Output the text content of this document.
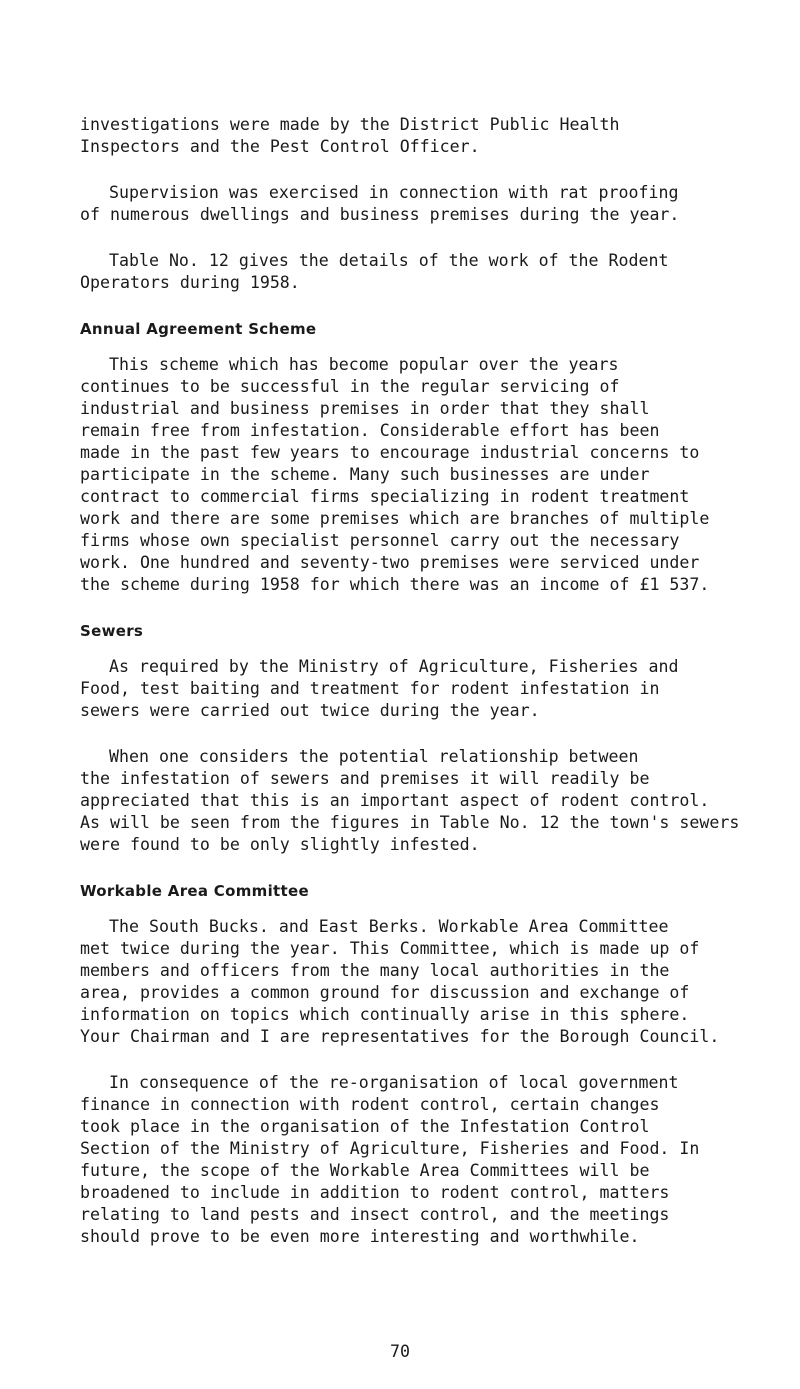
investigations were made by the District Public Health
Inspectors and the Pest Control Officer.

Supervision was exercised in connection with rat proofing
of numerous dwellings and business premises during the year.

Table No. 12 gives the details of the work of the Rodent
Operators during 1958.

Annual Agreement Scheme

This scheme which has become popular over the years
continues to be successful in the regular servicing of
industrial and business premises in order that they shall
remain free from infestation. Considerable effort has been
made in the past few years to encourage industrial concerns to
participate in the scheme. Many such businesses are under
contract to commercial firms specializing in rodent treatment
work and there are some premises which are branches of multiple
firms whose own specialist personnel carry out the necessary
work. One hundred and seventy-two premises were serviced under
the scheme during 1958 for which there was an income of £1 537.

Sewers

As required by the Ministry of Agriculture, Fisheries and
Food, test baiting and treatment for rodent infestation in
sewers were carried out twice during the year.

When one considers the potential relationship between
the infestation of sewers and premises it will readily be
appreciated that this is an important aspect of rodent control.
As will be seen from the figures in Table No. 12 the town's sewers
were found to be only slightly infested.

Workable Area Committee

The South Bucks. and East Berks. Workable Area Committee
met twice during the year. This Committee, which is made up of
members and officers from the many local authorities in the
area, provides a common ground for discussion and exchange of
information on topics which continually arise in this sphere.
Your Chairman and I are representatives for the Borough Council.

In consequence of the re-organisation of local government
finance in connection with rodent control, certain changes
took place in the organisation of the Infestation Control
Section of the Ministry of Agriculture, Fisheries and Food. In
future, the scope of the Workable Area Committees will be
broadened to include in addition to rodent control, matters
relating to land pests and insect control, and the meetings
should prove to be even more interesting and worthwhile.

70
